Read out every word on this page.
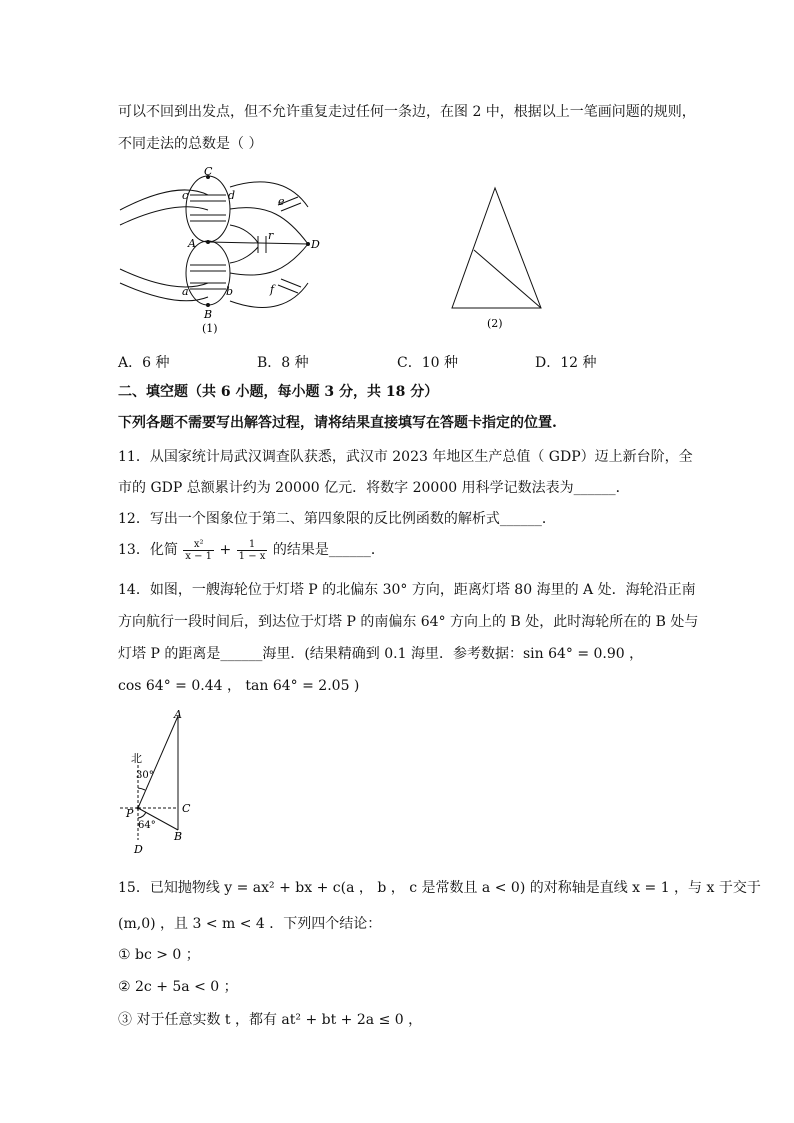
可以不回到出发点，但不允许重复走过任何一条边，在图 2 中，根据以上一笔画问题的规则，
不同走法的总数是（ ）
C
A
B
D
c	d	e
r
a	b	f
(1)	(2)
A．6 种	B．8 种	C．10 种	D．12 种
二、填空题（共 6 小题，每小题 3 分，共 18 分）
下列各题不需要写出解答过程，请将结果直接填写在答题卡指定的位置.
11．从国家统计局武汉调查队获悉，武汉市 2023 年地区生产总值（ GDP）迈上新台阶，全
市的 GDP 总额累计约为 20000 亿元．将数字 20000 用科学记数法表为______．
12．写出一个图象位于第二、第四象限的反比例函数的解析式______．
13．化简 $\frac{\text{x²}}{x - 1} + \frac{1}{1 - x}$ 的结果是______．
14．如图，一艘海轮位于灯塔 P 的北偏东 30° 方向，距离灯塔 80 海里的 A 处．海轮沿正南
方向航行一段时间后，到达位于灯塔 P 的南偏东 64° 方向上的 B 处，此时海轮所在的 B 处与
灯塔 P 的距离是______海里．(结果精确到 0.1 海里．参考数据：sin 64° = 0.90 ，
cos 64° = 0.44 ， tan 64° = 2.05 )
A
北
30°
C
P
64°
B
D
15．已知抛物线 y = ax² + bx + c(a ， b ， c 是常数且 a < 0) 的对称轴是直线 x = 1 ，与 x 于交于
(m,0) ，且 3 < m < 4 ．下列四个结论：
① bc > 0 ；
② 2c + 5a < 0 ；
③ 对于任意实数 t ，都有 at² + bt + 2a ≤ 0 ，
